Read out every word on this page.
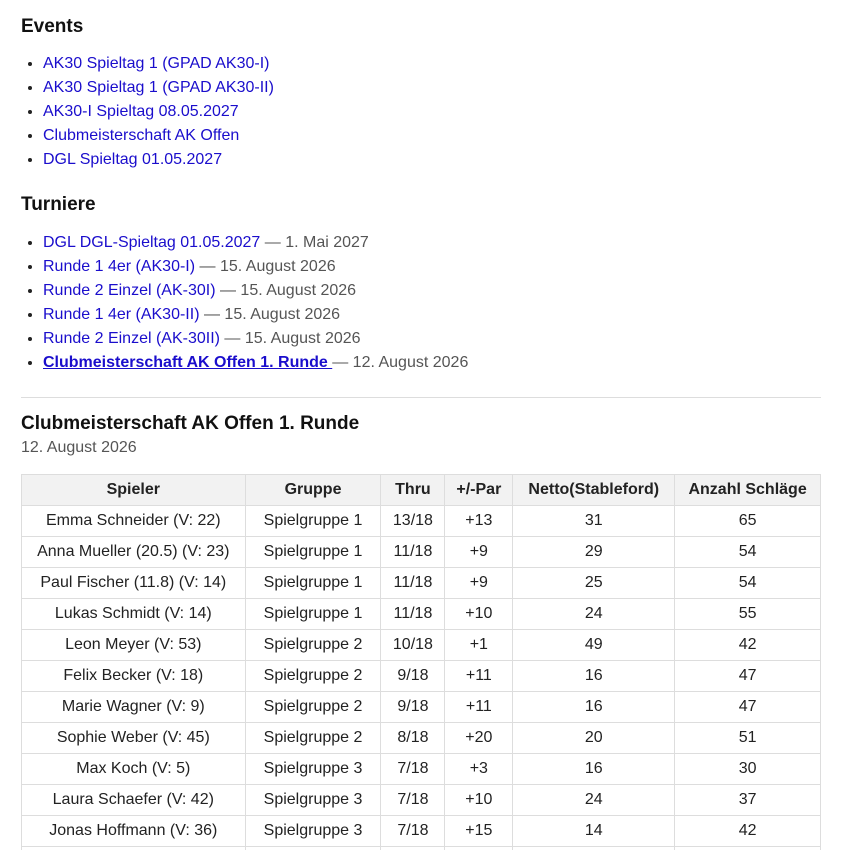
Events
• AK30 Spieltag 1 (GPAD AK30-I)
• AK30 Spieltag 1 (GPAD AK30-II)
• AK30-I Spieltag 08.05.2027
• Clubmeisterschaft AK Offen
• DGL Spieltag 01.05.2027
Turniere
• DGL DGL-Spieltag 01.05.2027 — 1. Mai 2027
• Runde 1 4er (AK30-I) — 15. August 2026
• Runde 2 Einzel (AK-30I) — 15. August 2026
• Runde 1 4er (AK30-II) — 15. August 2026
• Runde 2 Einzel (AK-30II) — 15. August 2026
• Clubmeisterschaft AK Offen 1. Runde — 12. August 2026
Clubmeisterschaft AK Offen 1. Runde
12. August 2026
Spieler	Gruppe	Thru	+/-Par	Netto(Stableford)	Anzahl Schläge
Emma Schneider (V: 22)	Spielgruppe 1	13/18	+13	31	65
Anna Mueller (20.5) (V: 23)	Spielgruppe 1	11/18	+9	29	54
Paul Fischer (11.8) (V: 14)	Spielgruppe 1	11/18	+9	25	54
Lukas Schmidt (V: 14)	Spielgruppe 1	11/18	+10	24	55
Leon Meyer (V: 53)	Spielgruppe 2	10/18	+1	49	42
Felix Becker (V: 18)	Spielgruppe 2	9/18	+11	16	47
Marie Wagner (V: 9)	Spielgruppe 2	9/18	+11	16	47
Sophie Weber (V: 45)	Spielgruppe 2	8/18	+20	20	51
Max Koch (V: 5)	Spielgruppe 3	7/18	+3	16	30
Laura Schaefer (V: 42)	Spielgruppe 3	7/18	+10	24	37
Jonas Hoffmann (V: 36)	Spielgruppe 3	7/18	+15	14	42
